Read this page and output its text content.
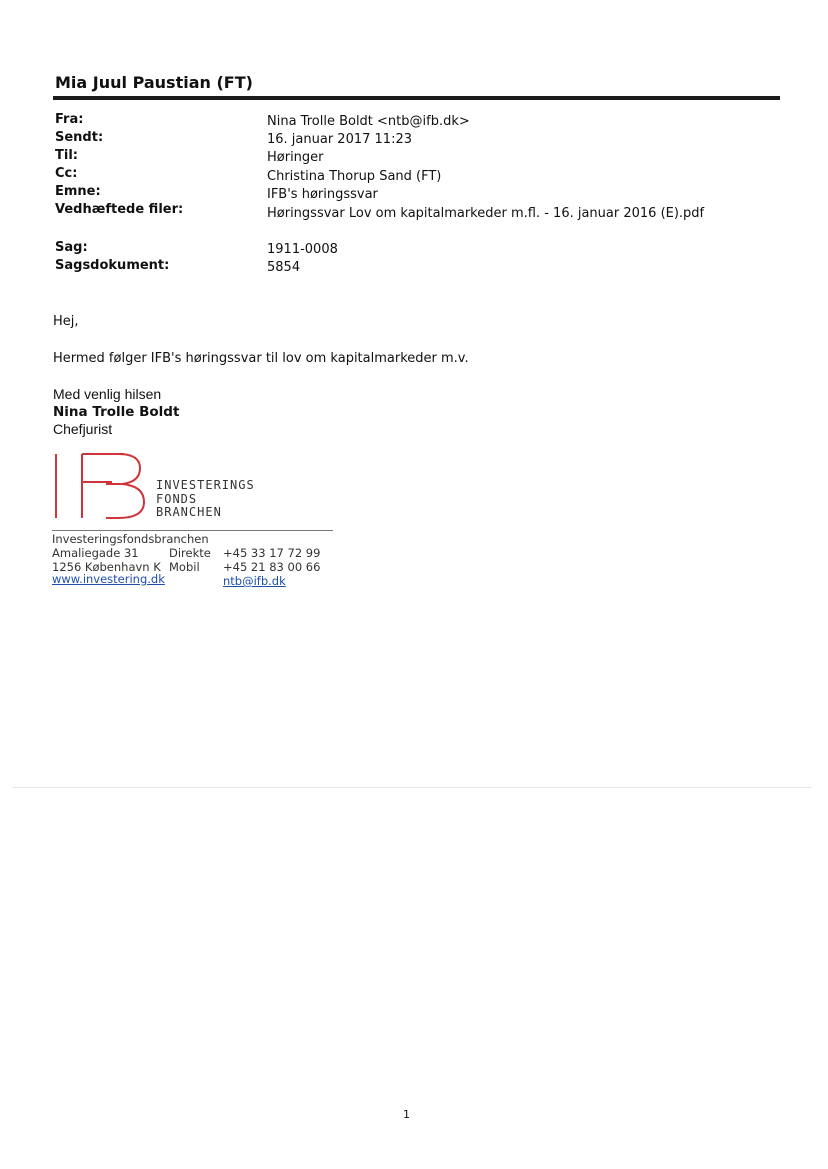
Mia Juul Paustian (FT)
Fra:	Nina Trolle Boldt <ntb@ifb.dk>
Sendt:	16. januar 2017 11:23
Til:	Høringer
Cc:	Christina Thorup Sand (FT)
Emne:	IFB's høringssvar
Vedhæftede filer:	Høringssvar Lov om kapitalmarkeder m.fl. - 16. januar 2016 (E).pdf
Sag:	1911-0008
Sagsdokument:	5854
Hej,
Hermed følger IFB's høringssvar til lov om kapitalmarkeder m.v.
Med venlig hilsen
Nina Trolle Boldt
Chefjurist
INVESTERINGS
FONDS
BRANCHEN
Investeringsfondsbranchen
Amaliegade 31	Direkte +45 33 17 72 99
1256 København K Mobil +45 21 83 00 66
www.investering.dk	ntb@ifb.dk
1
